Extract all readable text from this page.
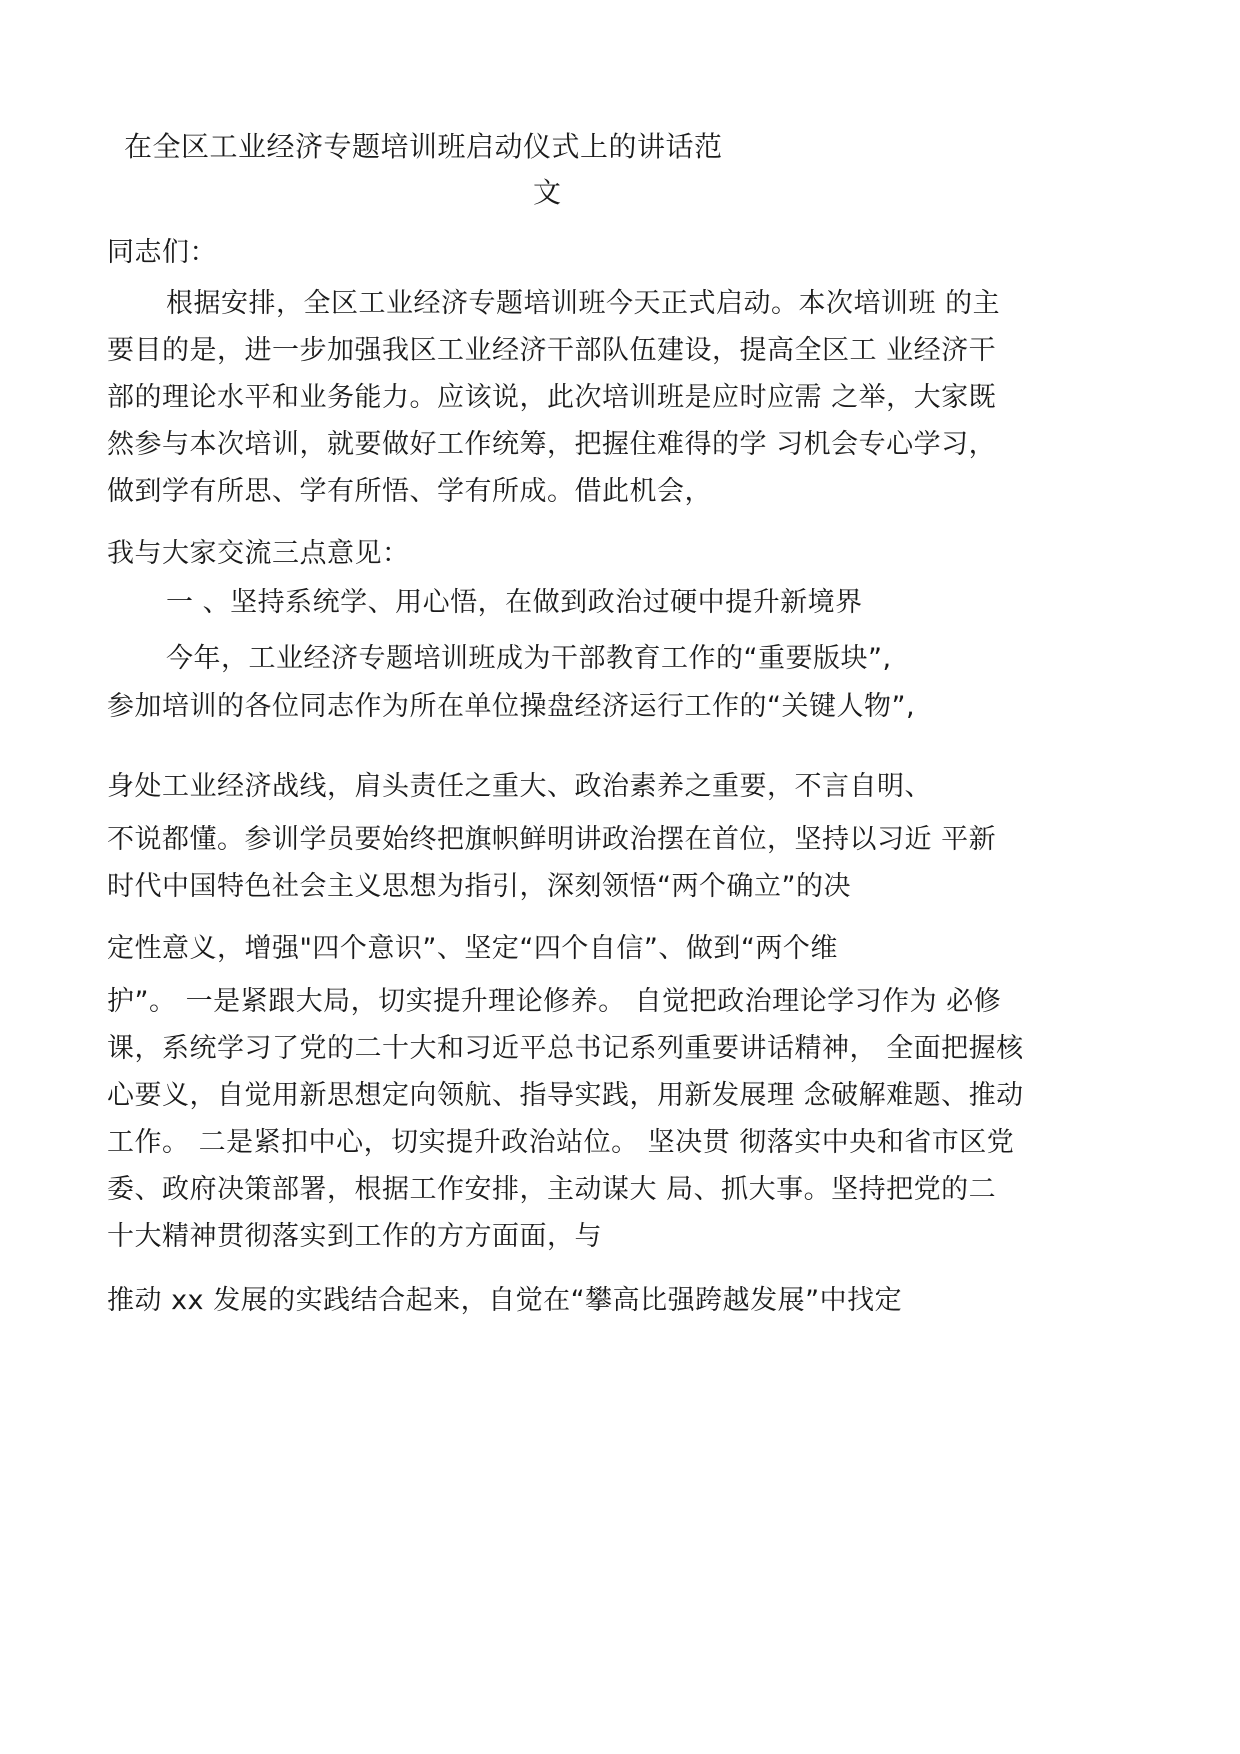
在全区工业经济专题培训班启动仪式上的讲话范
文
同志们：
根据安排，全区工业经济专题培训班今天正式启动。本次培训班 的主
要目的是，进一步加强我区工业经济干部队伍建设，提高全区工 业经济干
部的理论水平和业务能力。应该说，此次培训班是应时应需 之举，大家既
然参与本次培训，就要做好工作统筹，把握住难得的学 习机会专心学习，
做到学有所思、学有所悟、学有所成。借此机会，
我与大家交流三点意见：
一 、坚持系统学、用心悟，在做到政治过硬中提升新境界
今年，工业经济专题培训班成为干部教育工作的“重要版块”,
参加培训的各位同志作为所在单位操盘经济运行工作的“关键人物”,
身处工业经济战线，肩头责任之重大、政治素养之重要，不言自明、
不说都懂。参训学员要始终把旗帜鲜明讲政治摆在首位，坚持以习近 平新
时代中国特色社会主义思想为指引，深刻领悟“两个确立”的决
定性意义，增强"四个意识”、坚定“四个自信”、做到“两个维
护”。 一是紧跟大局，切实提升理论修养。 自觉把政治理论学习作为 必修
课，系统学习了党的二十大和习近平总书记系列重要讲话精神， 全面把握核
心要义，自觉用新思想定向领航、指导实践，用新发展理 念破解难题、推动
工作。 二是紧扣中心，切实提升政治站位。 坚决贯 彻落实中央和省市区党
委、政府决策部署，根据工作安排，主动谋大 局、抓大事。坚持把党的二
十大精神贯彻落实到工作的方方面面，与
推动 xx 发展的实践结合起来，自觉在“攀高比强跨越发展”中找定
